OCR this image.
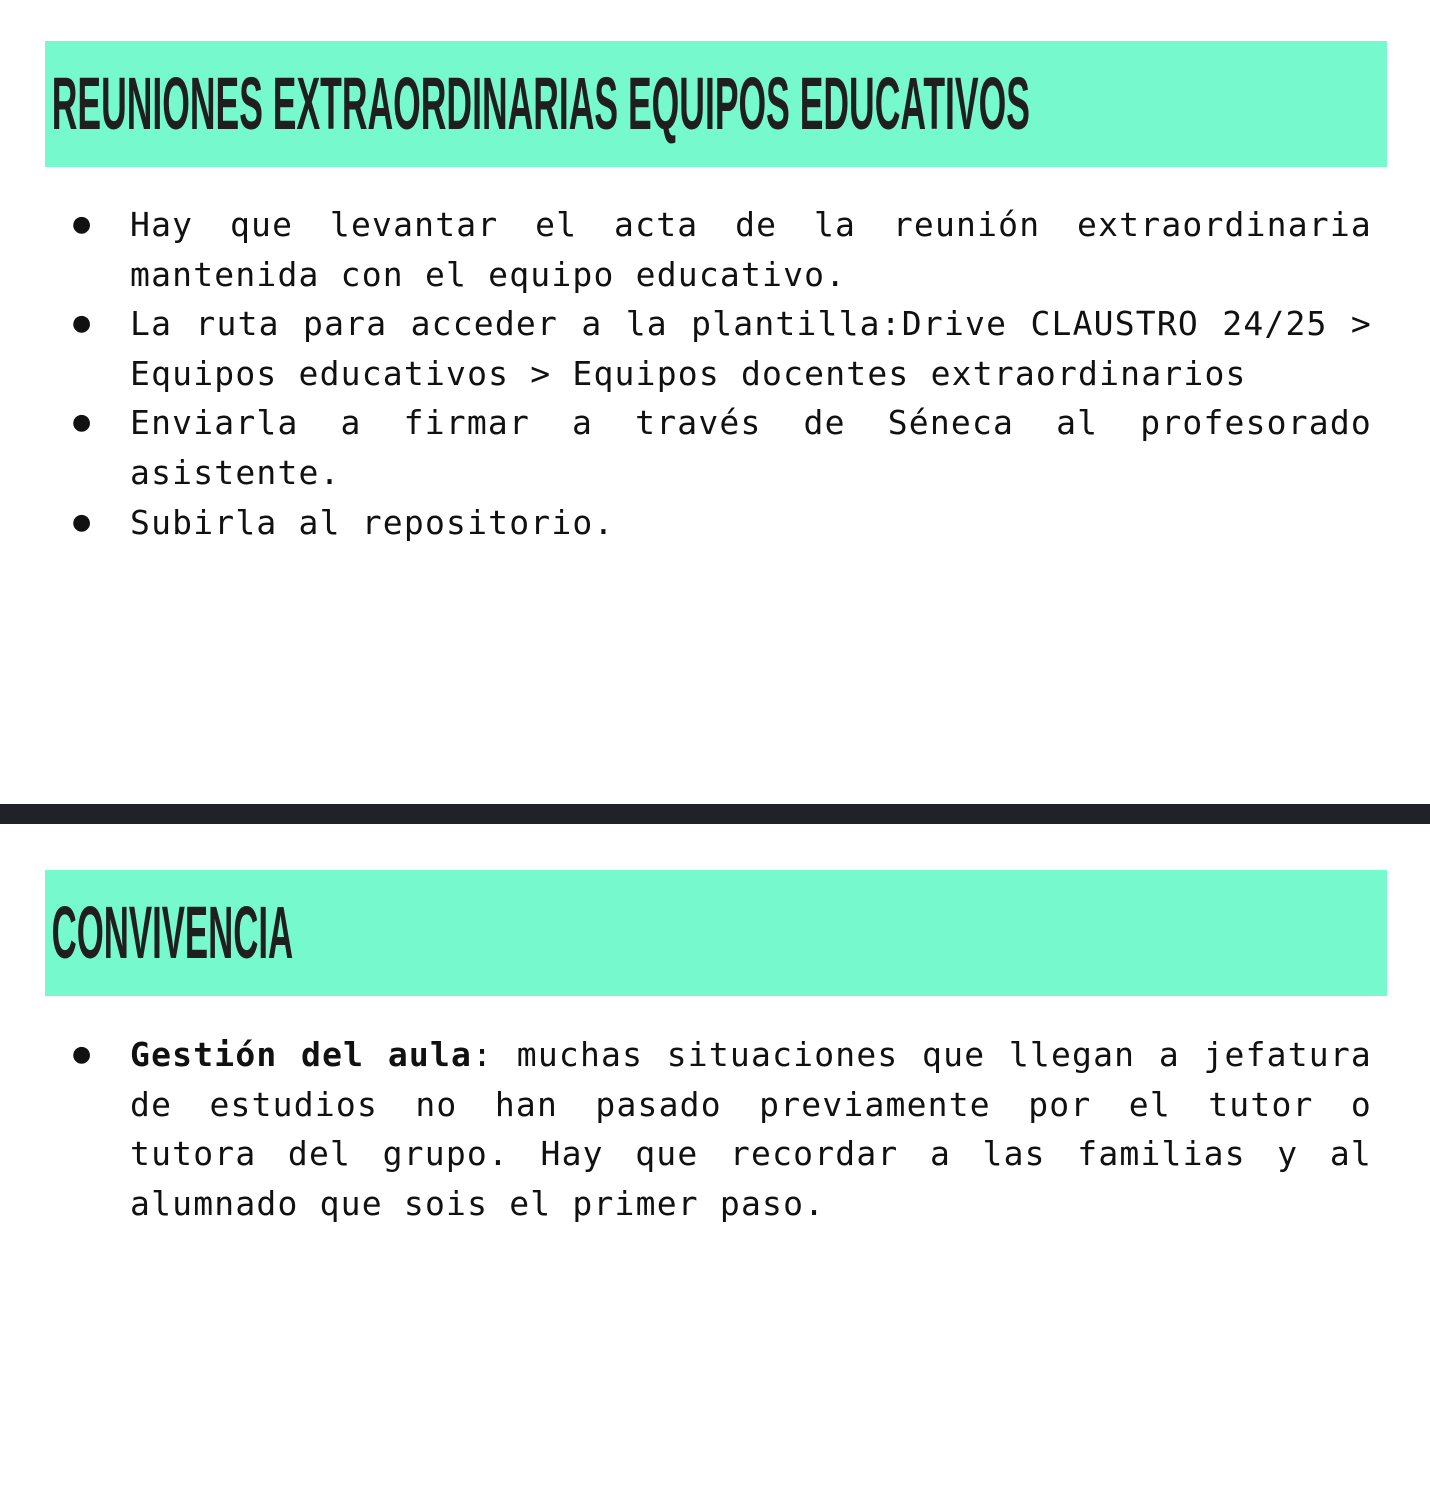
REUNIONES EXTRAORDINARIAS EQUIPOS EDUCATIVOS
● Hay que levantar el acta de la reunión extraordinaria mantenida con el equipo educativo.
● La ruta para acceder a la plantilla:Drive CLAUSTRO 24/25 > Equipos educativos > Equipos docentes extraordinarios
● Enviarla a firmar a través de Séneca al profesorado asistente.
● Subirla al repositorio.
CONVIVENCIA
● Gestión del aula: muchas situaciones que llegan a jefatura de estudios no han pasado previamente por el tutor o tutora del grupo. Hay que recordar a las familias y al alumnado que sois el primer paso.
